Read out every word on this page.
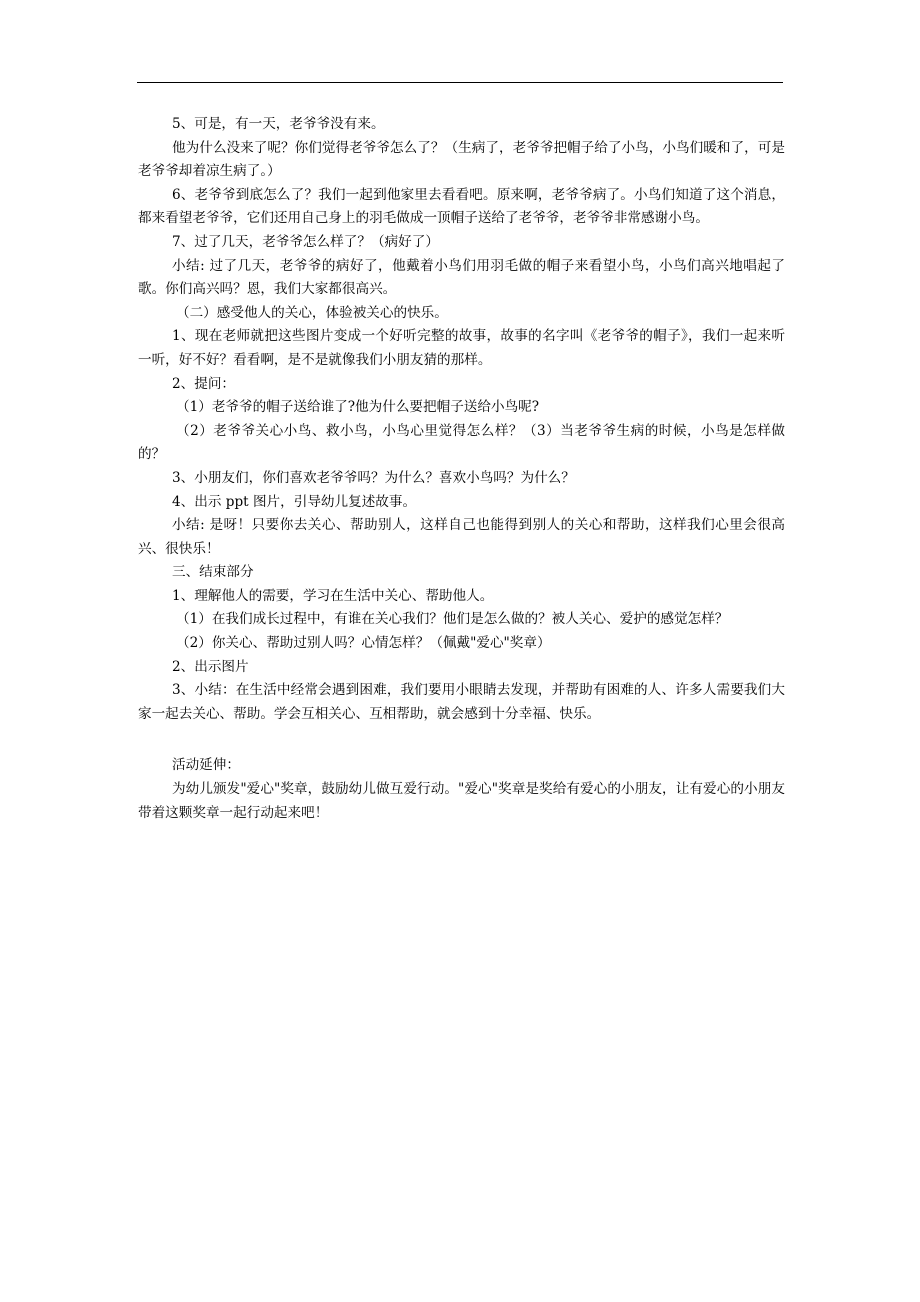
5、可是，有一天，老爷爷没有来。

他为什么没来了呢？你们觉得老爷爷怎么了？（生病了，老爷爷把帽子给了小鸟，小鸟们暖和了，可是老爷爷却着凉生病了。）

6、老爷爷到底怎么了？我们一起到他家里去看看吧。原来啊，老爷爷病了。小鸟们知道了这个消息，都来看望老爷爷，它们还用自己身上的羽毛做成一顶帽子送给了老爷爷，老爷爷非常感谢小鸟。

7、过了几天，老爷爷怎么样了？（病好了）

小结: 过了几天，老爷爷的病好了，他戴着小鸟们用羽毛做的帽子来看望小鸟，小鸟们高兴地唱起了歌。你们高兴吗？恩，我们大家都很高兴。

（二）感受他人的关心，体验被关心的快乐。

1、现在老师就把这些图片变成一个好听完整的故事，故事的名字叫《老爷爷的帽子》，我们一起来听一听，好不好？看看啊，是不是就像我们小朋友猜的那样。

2、提问：

（1）老爷爷的帽子送给谁了?他为什么要把帽子送给小鸟呢?

（2）老爷爷关心小鸟、救小鸟，小鸟心里觉得怎么样？（3）当老爷爷生病的时候，小鸟是怎样做的？

3、小朋友们，你们喜欢老爷爷吗？为什么？喜欢小鸟吗？为什么？

4、出示 ppt 图片，引导幼儿复述故事。

小结: 是呀！只要你去关心、帮助别人，这样自己也能得到别人的关心和帮助，这样我们心里会很高兴、很快乐！

三、结束部分

1、理解他人的需要，学习在生活中关心、帮助他人。

（1）在我们成长过程中，有谁在关心我们？他们是怎么做的？被人关心、爱护的感觉怎样？

（2）你关心、帮助过别人吗？心情怎样？（佩戴"爱心"奖章）

2、出示图片

3、小结：在生活中经常会遇到困难，我们要用小眼睛去发现，并帮助有困难的人、许多人需要我们大家一起去关心、帮助。学会互相关心、互相帮助，就会感到十分幸福、快乐。

活动延伸：

为幼儿颁发"爱心"奖章，鼓励幼儿做互爱行动。"爱心"奖章是奖给有爱心的小朋友，让有爱心的小朋友带着这颗奖章一起行动起来吧！
